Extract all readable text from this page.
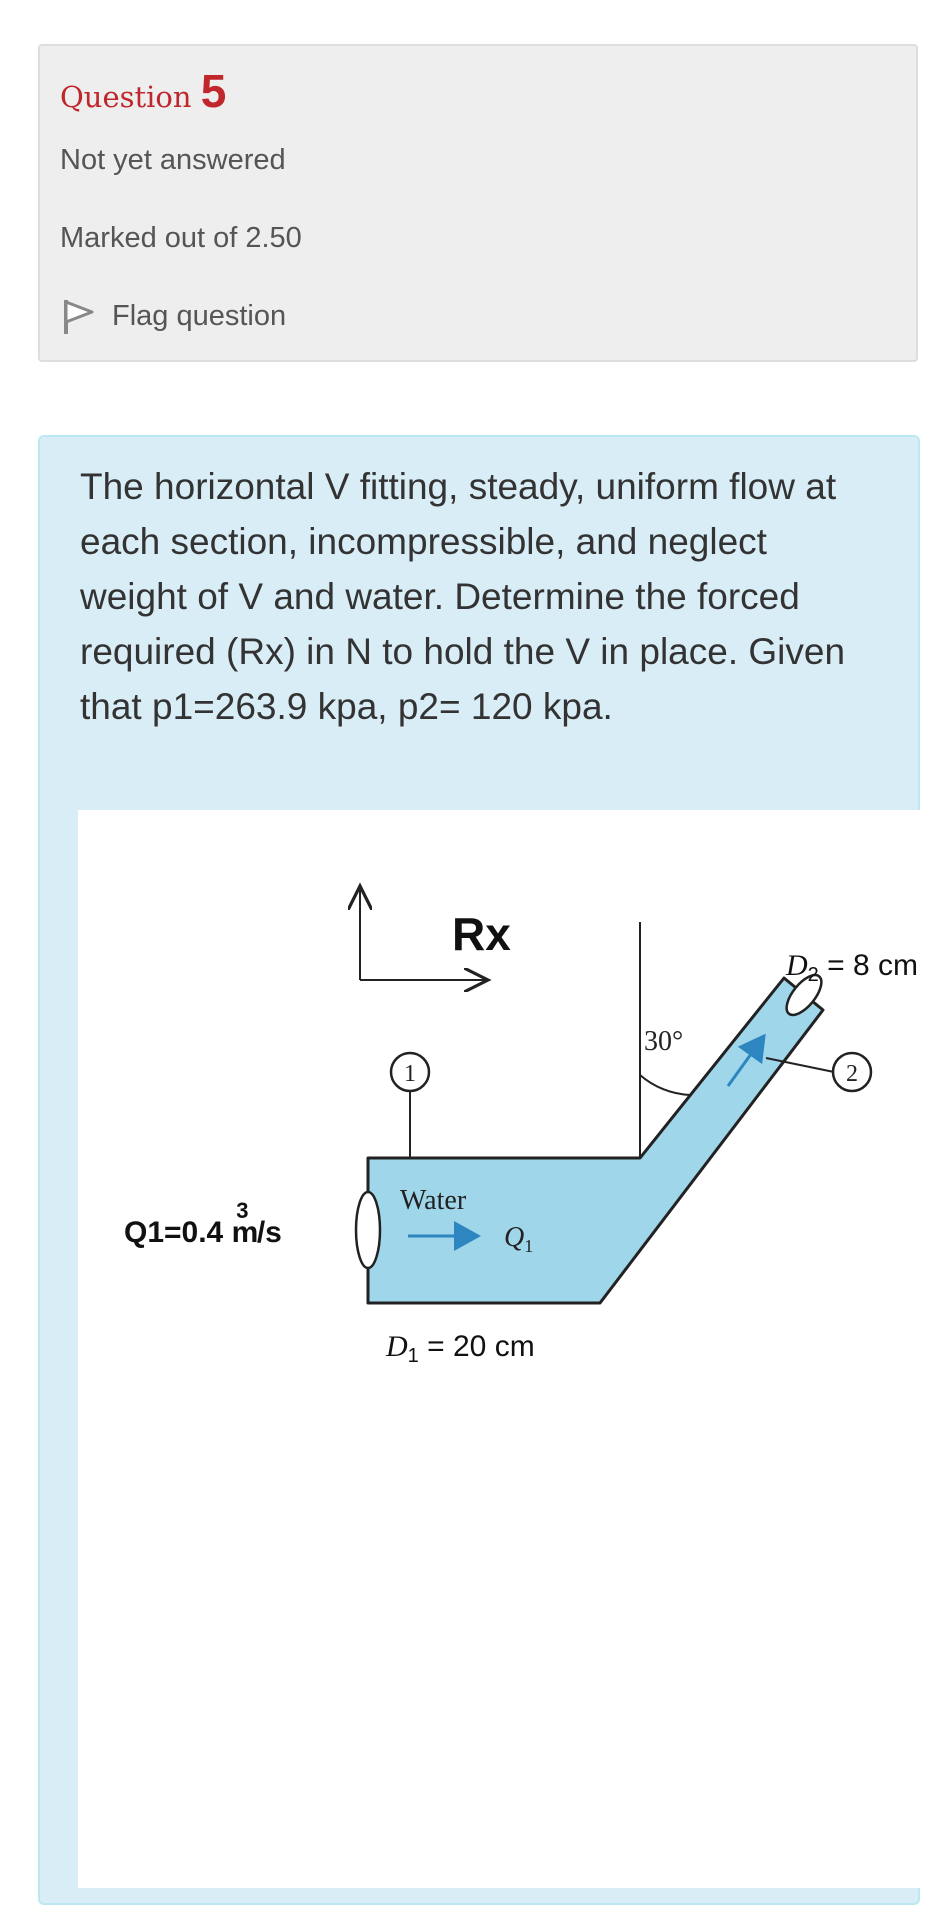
Question 5
Not yet answered
Marked out of 2.50
Flag question
The horizontal V fitting, steady, uniform flow at each section, incompressible, and neglect weight of V and water. Determine the forced required (Rx) in N to hold the V in place. Given that p1=263.9 kpa, p2= 120 kpa.
Rx
30°
1	2
$D_2 = 8$ cm
Water
$Q_1$
Q1=0.4 m3 /s
$D_1 = 20$ cm
